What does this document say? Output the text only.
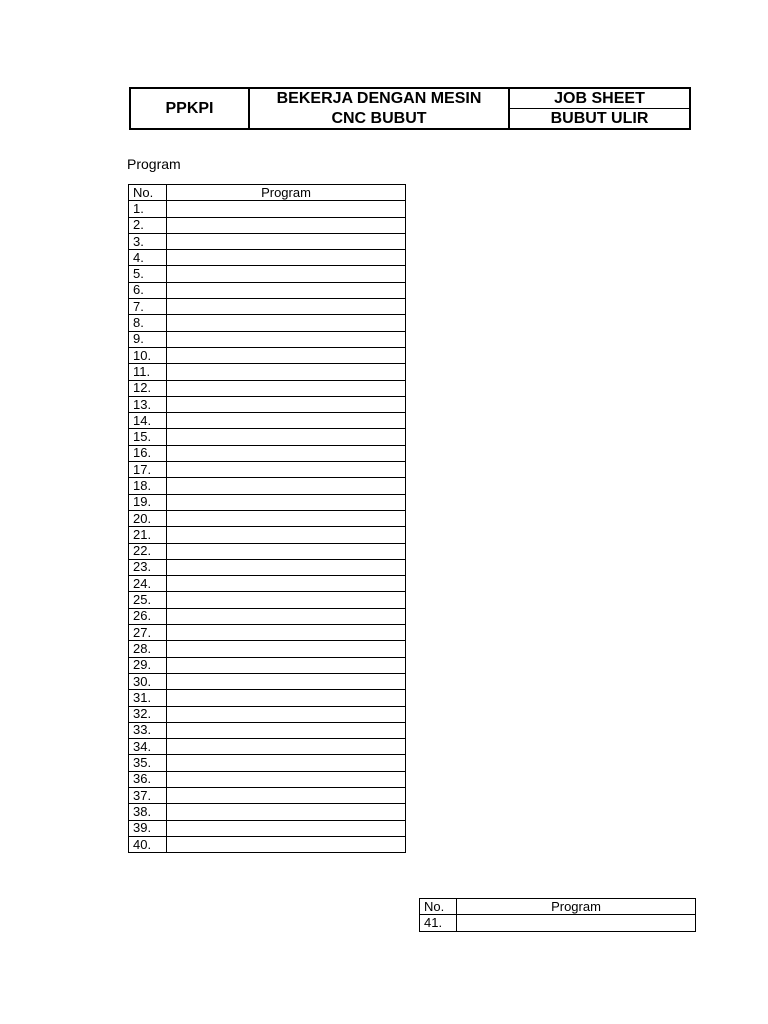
PPKPI
BEKERJA DENGAN MESIN
CNC BUBUT
JOB SHEET
BUBUT ULIR
Program
No.	Program
1.	
2.	
3.	
4.	
5.	
6.	
7.	
8.	
9.	
10.	
11.	
12.	
13.	
14.	
15.	
16.	
17.	
18.	
19.	
20.	
21.	
22.	
23.	
24.	
25.	
26.	
27.	
28.	
29.	
30.	
31.	
32.	
33.	
34.	
35.	
36.	
37.	
38.	
39.	
40.	
No.	Program
41.	
